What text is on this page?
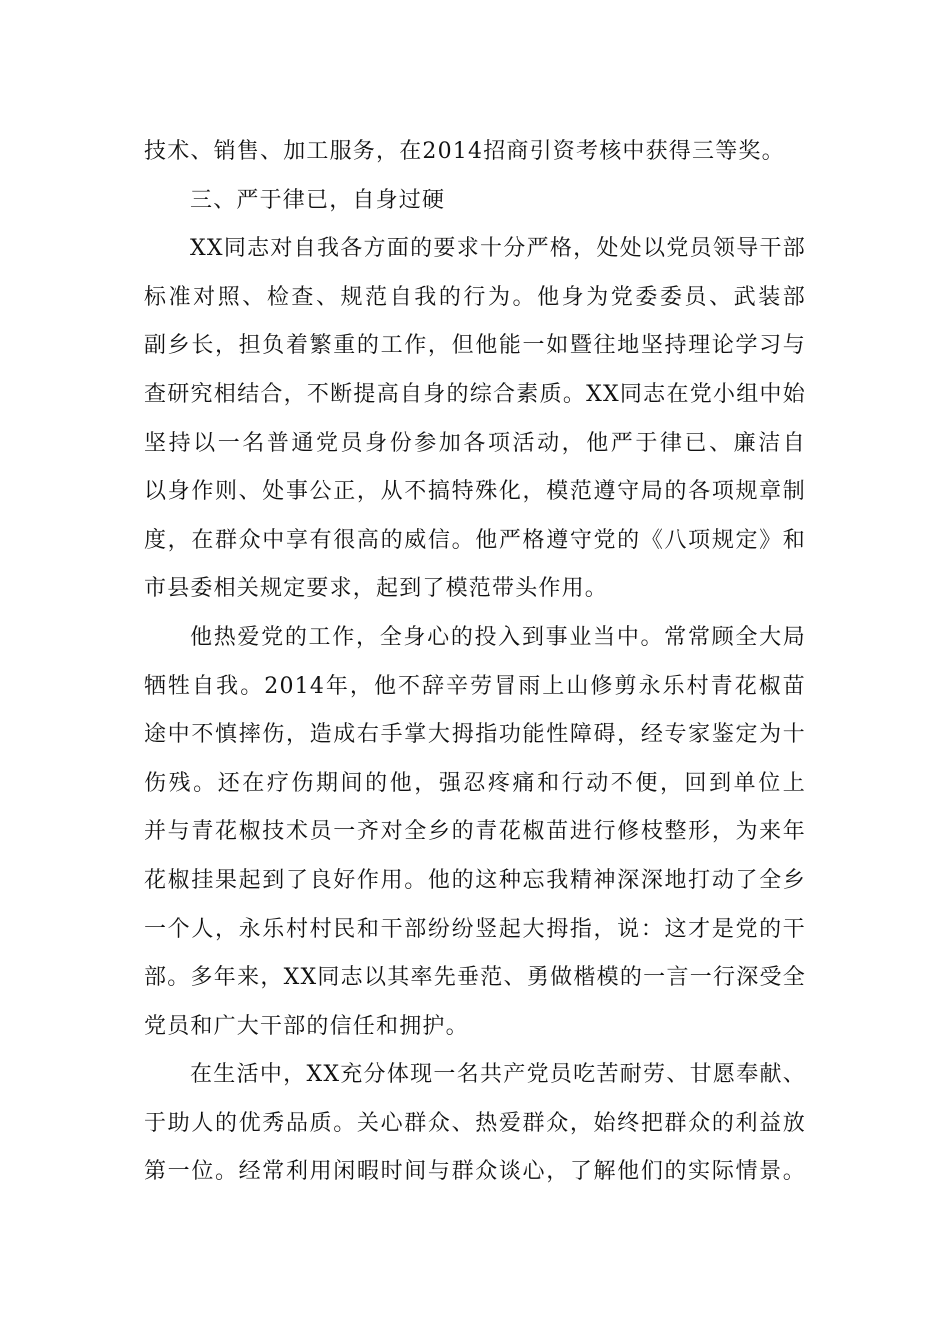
技术、销售、加工服务，在2014招商引资考核中获得三等奖。
三、严于律已，自身过硬
XX同志对自我各方面的要求十分严格，处处以党员领导干部
标准对照、检查、规范自我的行为。他身为党委委员、武装部
副乡长，担负着繁重的工作，但他能一如暨往地坚持理论学习与
查研究相结合，不断提高自身的综合素质。XX同志在党小组中始
坚持以一名普通党员身份参加各项活动，他严于律已、廉洁自
以身作则、处事公正，从不搞特殊化，模范遵守局的各项规章制
度，在群众中享有很高的威信。他严格遵守党的《八项规定》和
市县委相关规定要求，起到了模范带头作用。
他热爱党的工作，全身心的投入到事业当中。常常顾全大局
牺牲自我。2014年，他不辞辛劳冒雨上山修剪永乐村青花椒苗
途中不慎摔伤，造成右手掌大拇指功能性障碍，经专家鉴定为十
伤残。还在疗伤期间的他，强忍疼痛和行动不便，回到单位上
并与青花椒技术员一齐对全乡的青花椒苗进行修枝整形，为来年
花椒挂果起到了良好作用。他的这种忘我精神深深地打动了全乡
一个人，永乐村村民和干部纷纷竖起大拇指，说：这才是党的干
部。多年来，XX同志以其率先垂范、勇做楷模的一言一行深受全
党员和广大干部的信任和拥护。
在生活中，XX充分体现一名共产党员吃苦耐劳、甘愿奉献、
于助人的优秀品质。关心群众、热爱群众，始终把群众的利益放
第一位。经常利用闲暇时间与群众谈心，了解他们的实际情景。
